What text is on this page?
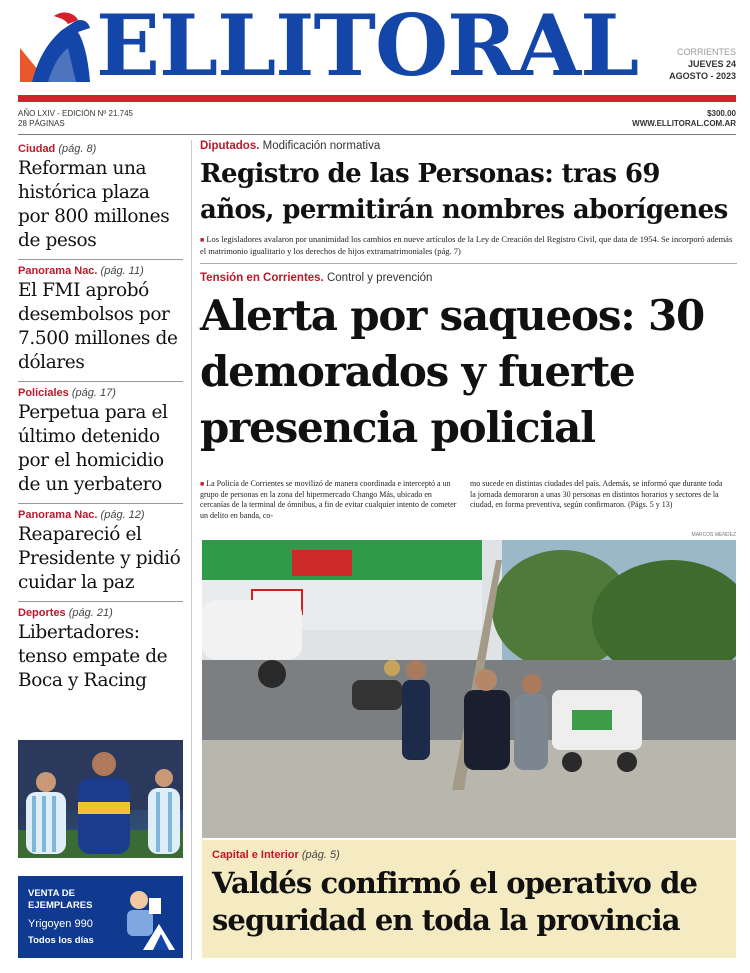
ELLITORAL	CORRIENTES
JUEVES 24
AGOSTO - 2023
AÑO LXIV - EDICIÓN Nº 21.745
28 PÁGINAS
$300.00
WWW.ELLITORAL.COM.AR
Ciudad (pág. 8)
Reforman una histórica plaza por 800 millones de pesos
Panorama Nac. (pág. 11)
El FMI aprobó desembolsos por 7.500 millones de dólares
Policiales (pág. 17)
Perpetua para el último detenido por el homicidio de un yerbatero
Panorama Nac. (pág. 12)
Reapareció el Presidente y pidió cuidar la paz
Deportes (pág. 21)
Libertadores: tenso empate de Boca y Racing
VENTA DE
EJEMPLARES
Yrigoyen 990
Todos los días
Diputados. Modificación normativa
Registro de las Personas: tras 69 años, permitirán nombres aborígenes
■ Los legisladores avalaron por unanimidad los cambios en nueve artículos de la Ley de Creación del Registro Civil, que data de 1954. Se incorporó además el matrimonio igualitario y los derechos de hijos extramatrimoniales (pág. 7)
Tensión en Corrientes. Control y prevención
Alerta por saqueos: 30 demorados y fuerte presencia policial
■ La Policía de Corrientes se movilizó de manera coordinada e interceptó a un grupo de personas en la zona del hipermercado Chango Más, ubicado en cercanías de la terminal de ómnibus, a fin de evitar cualquier intento de cometer un delito en banda, co-
mo sucede en distintas ciudades del país. Además, se informó que durante toda la jornada demoraron a unas 30 personas en distintos horarios y sectores de la ciudad, en forma preventiva, según confirmaron. (Págs. 5 y 13)
MARCOS MENDEZ
Capital e Interior (pág. 5)
Valdés confirmó el operativo de seguridad en toda la provincia
